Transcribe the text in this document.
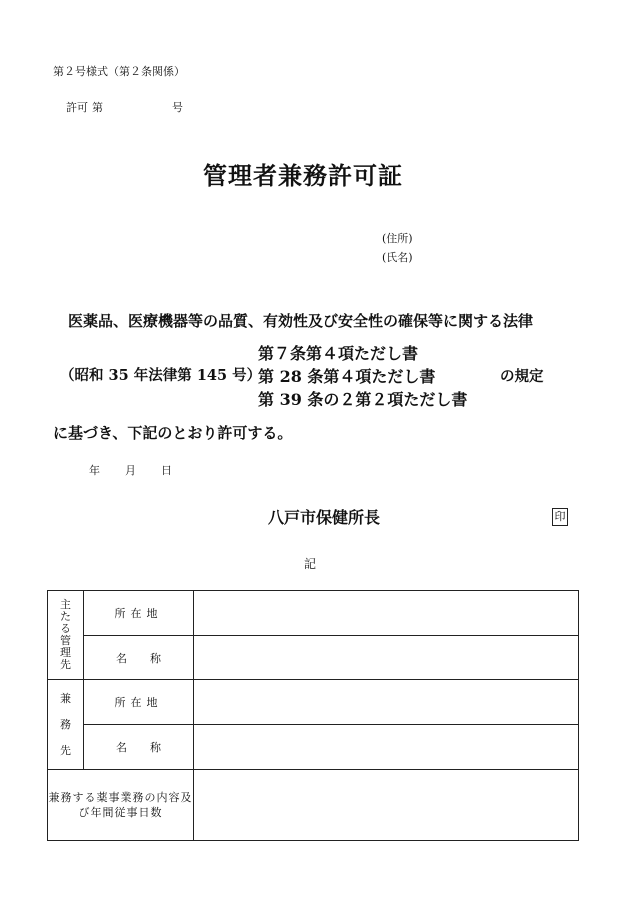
第２号様式（第２条関係）
許可 第	号
管理者兼務許可証
(住所)
(氏名)
医薬品、医療機器等の品質、有効性及び安全性の確保等に関する法律
（昭和 35 年法律第 145 号）
第７条第４項ただし書
第 28 条第４項ただし書
第 39 条の２第２項ただし書
の規定
に基づき、下記のとおり許可する。
年 月 日
八戸市保健所長	印
記
主たる管理先	所在地	
	名 称	
兼務先	所在地	
	名 称	
兼務する薬事業務の内容及び年間従事日数		
